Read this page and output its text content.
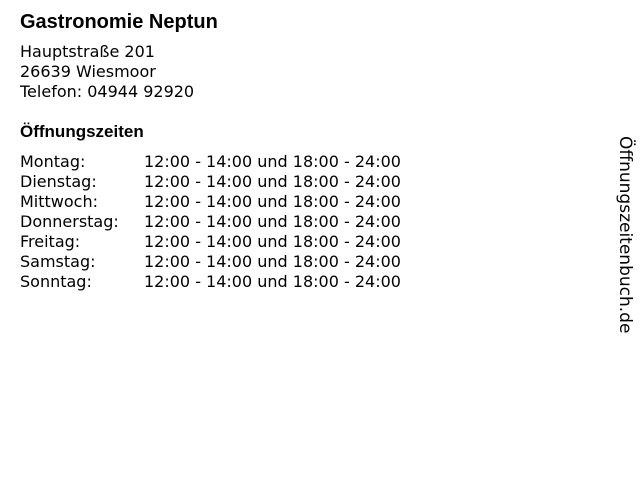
Gastronomie Neptun
Hauptstraße 201
26639 Wiesmoor
Telefon: 04944 92920
Öffnungszeiten
Montag:	12:00 - 14:00 und 18:00 - 24:00
Dienstag:	12:00 - 14:00 und 18:00 - 24:00
Mittwoch:	12:00 - 14:00 und 18:00 - 24:00
Donnerstag:	12:00 - 14:00 und 18:00 - 24:00
Freitag:	12:00 - 14:00 und 18:00 - 24:00
Samstag:	12:00 - 14:00 und 18:00 - 24:00
Sonntag:	12:00 - 14:00 und 18:00 - 24:00	Öffnungszeitenbuch.de
